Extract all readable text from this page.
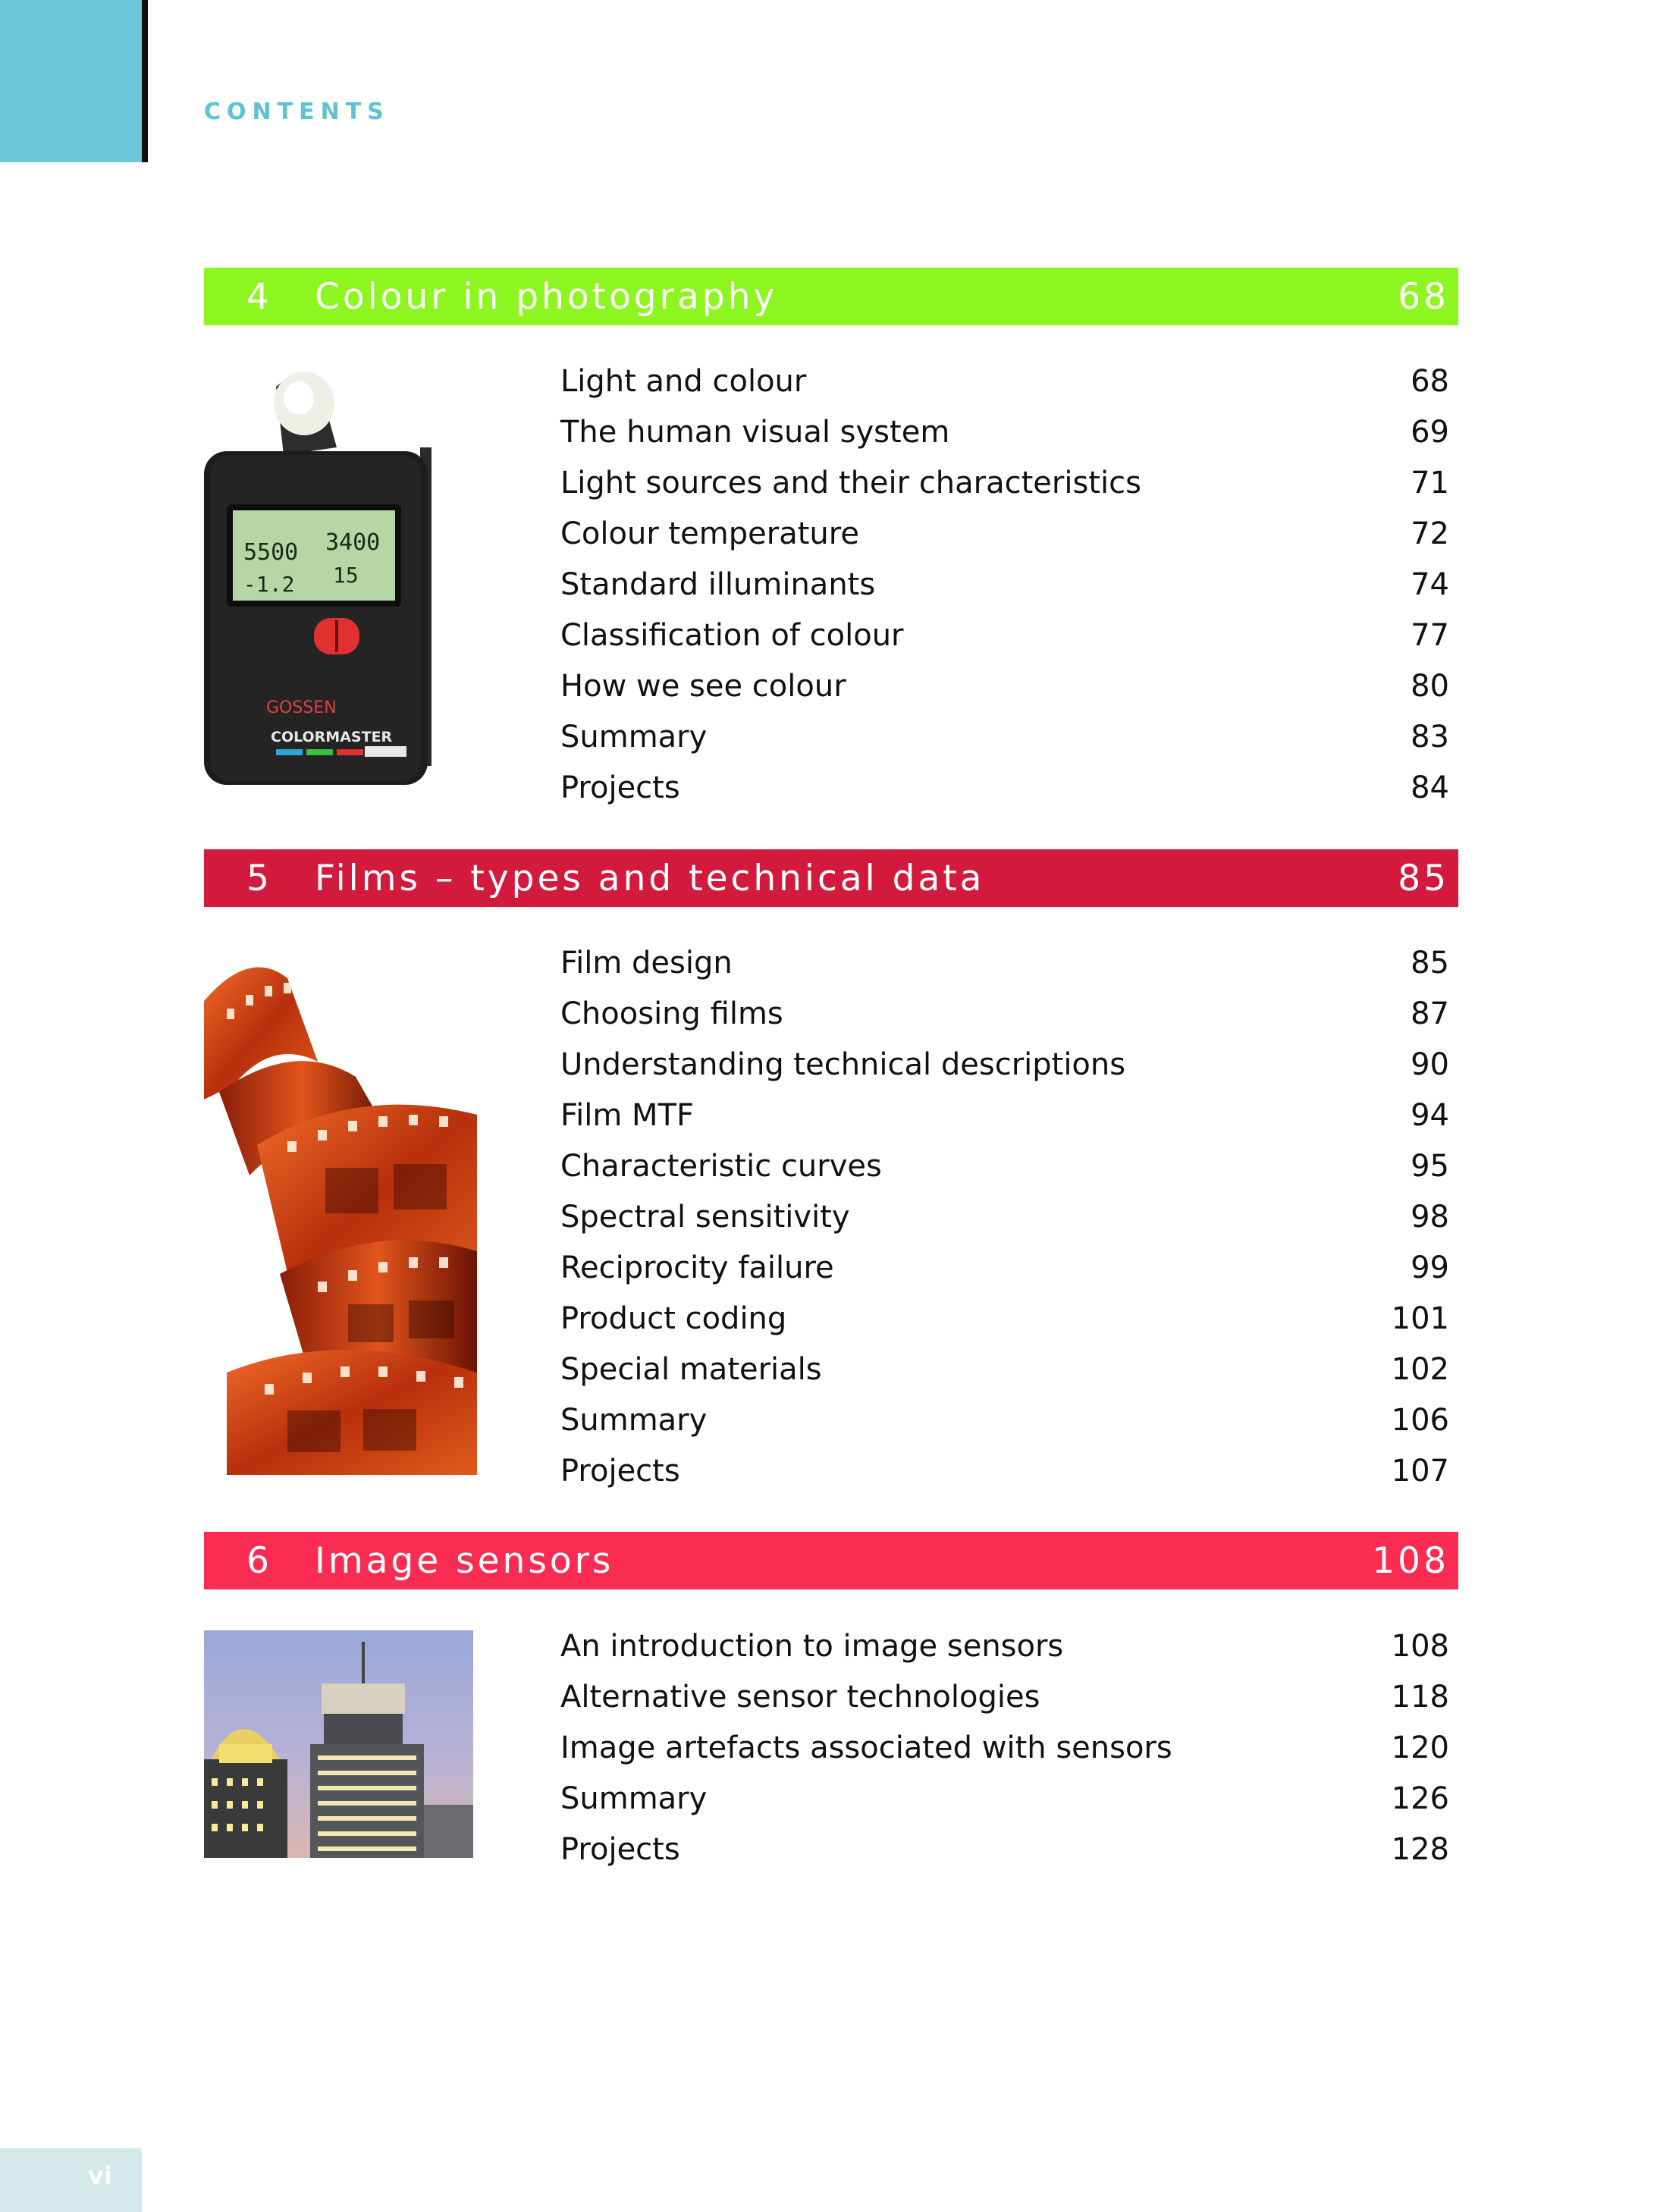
CONTENTS
4 Colour in photography	68
5500 3400
-1.2 15
GOSSEN
COLORMASTER
Light and colour	68
The human visual system	69
Light sources and their characteristics	71
Colour temperature	72
Standard illuminants	74
Classification of colour	77
How we see colour	80
Summary	83
Projects	84
5 Films – types and technical data	85
Film design	85
Choosing films	87
Understanding technical descriptions	90
Film MTF	94
Characteristic curves	95
Spectral sensitivity	98
Reciprocity failure	99
Product coding	101
Special materials	102
Summary	106
Projects	107
6 Image sensors	108
An introduction to image sensors	108
Alternative sensor technologies	118
Image artefacts associated with sensors	120
Summary	126
Projects	128
vi
